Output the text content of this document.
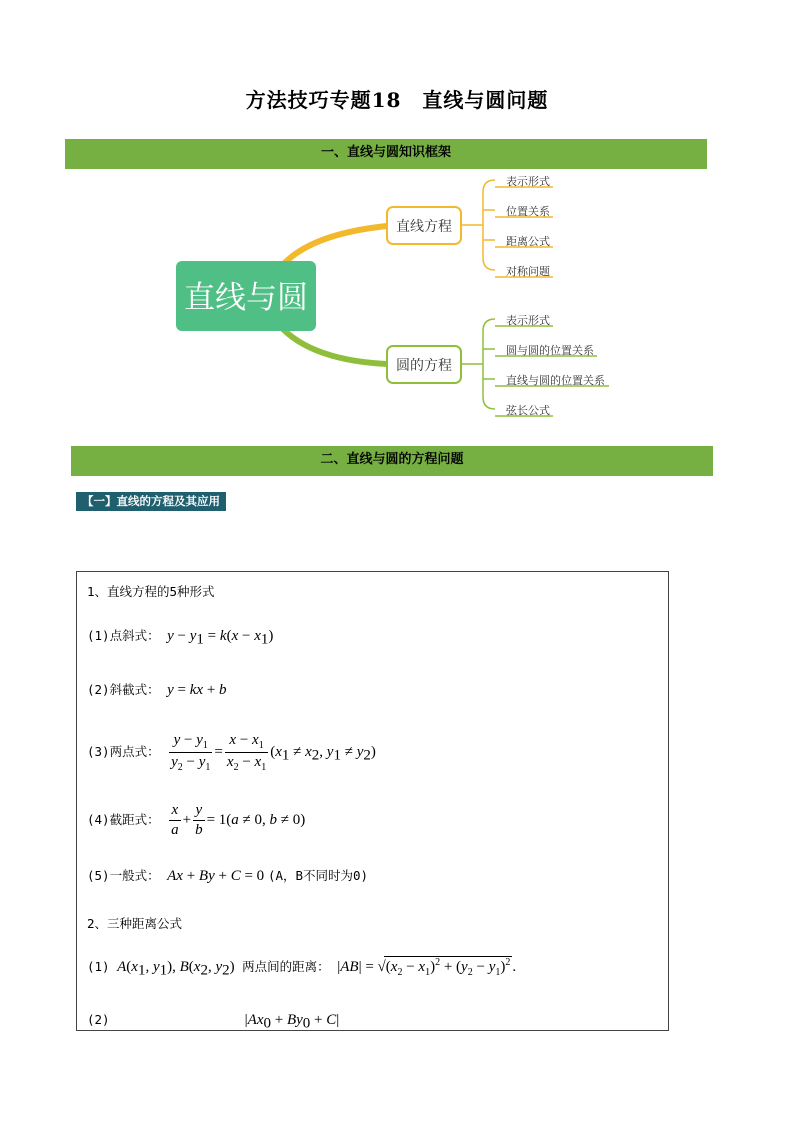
方法技巧专题18　直线与圆问题
一、直线与圆知识框架
直线与圆
直线方程
表示形式
位置关系
距离公式
对称问题
圆的方程
表示形式
圆与圆的位置关系
直线与圆的位置关系
弦长公式
二、直线与圆的方程问题
【一】直线的方程及其应用
1、直线方程的5种形式
(1)点斜式： $y - y_1 = k(x - x_1)$
(2)斜截式： y = kx + b
(3)两点式： $\frac{y - y_1}{y_2 - y_1} = \frac{x - x_1}{x_2 - x_1} (x_1 \ne x_2$, $y_1 \ne y_2$)
(4)截距式： $\frac{x}{a} + \frac{y}{b} = 1(a \ne 0$, b ≠ 0)
(5)一般式： Ax + By + C = 0 (A，B不同时为0)
2、三种距离公式
(1) $A(x_1$, $y_1$), $B(x_2$, $y_2$) 两点间的距离： $|AB| = √(x_2 - x_1)^2 + (y_2 - y_1)^2$ .
(2)	$|Ax_0 + By_0 + C|$
